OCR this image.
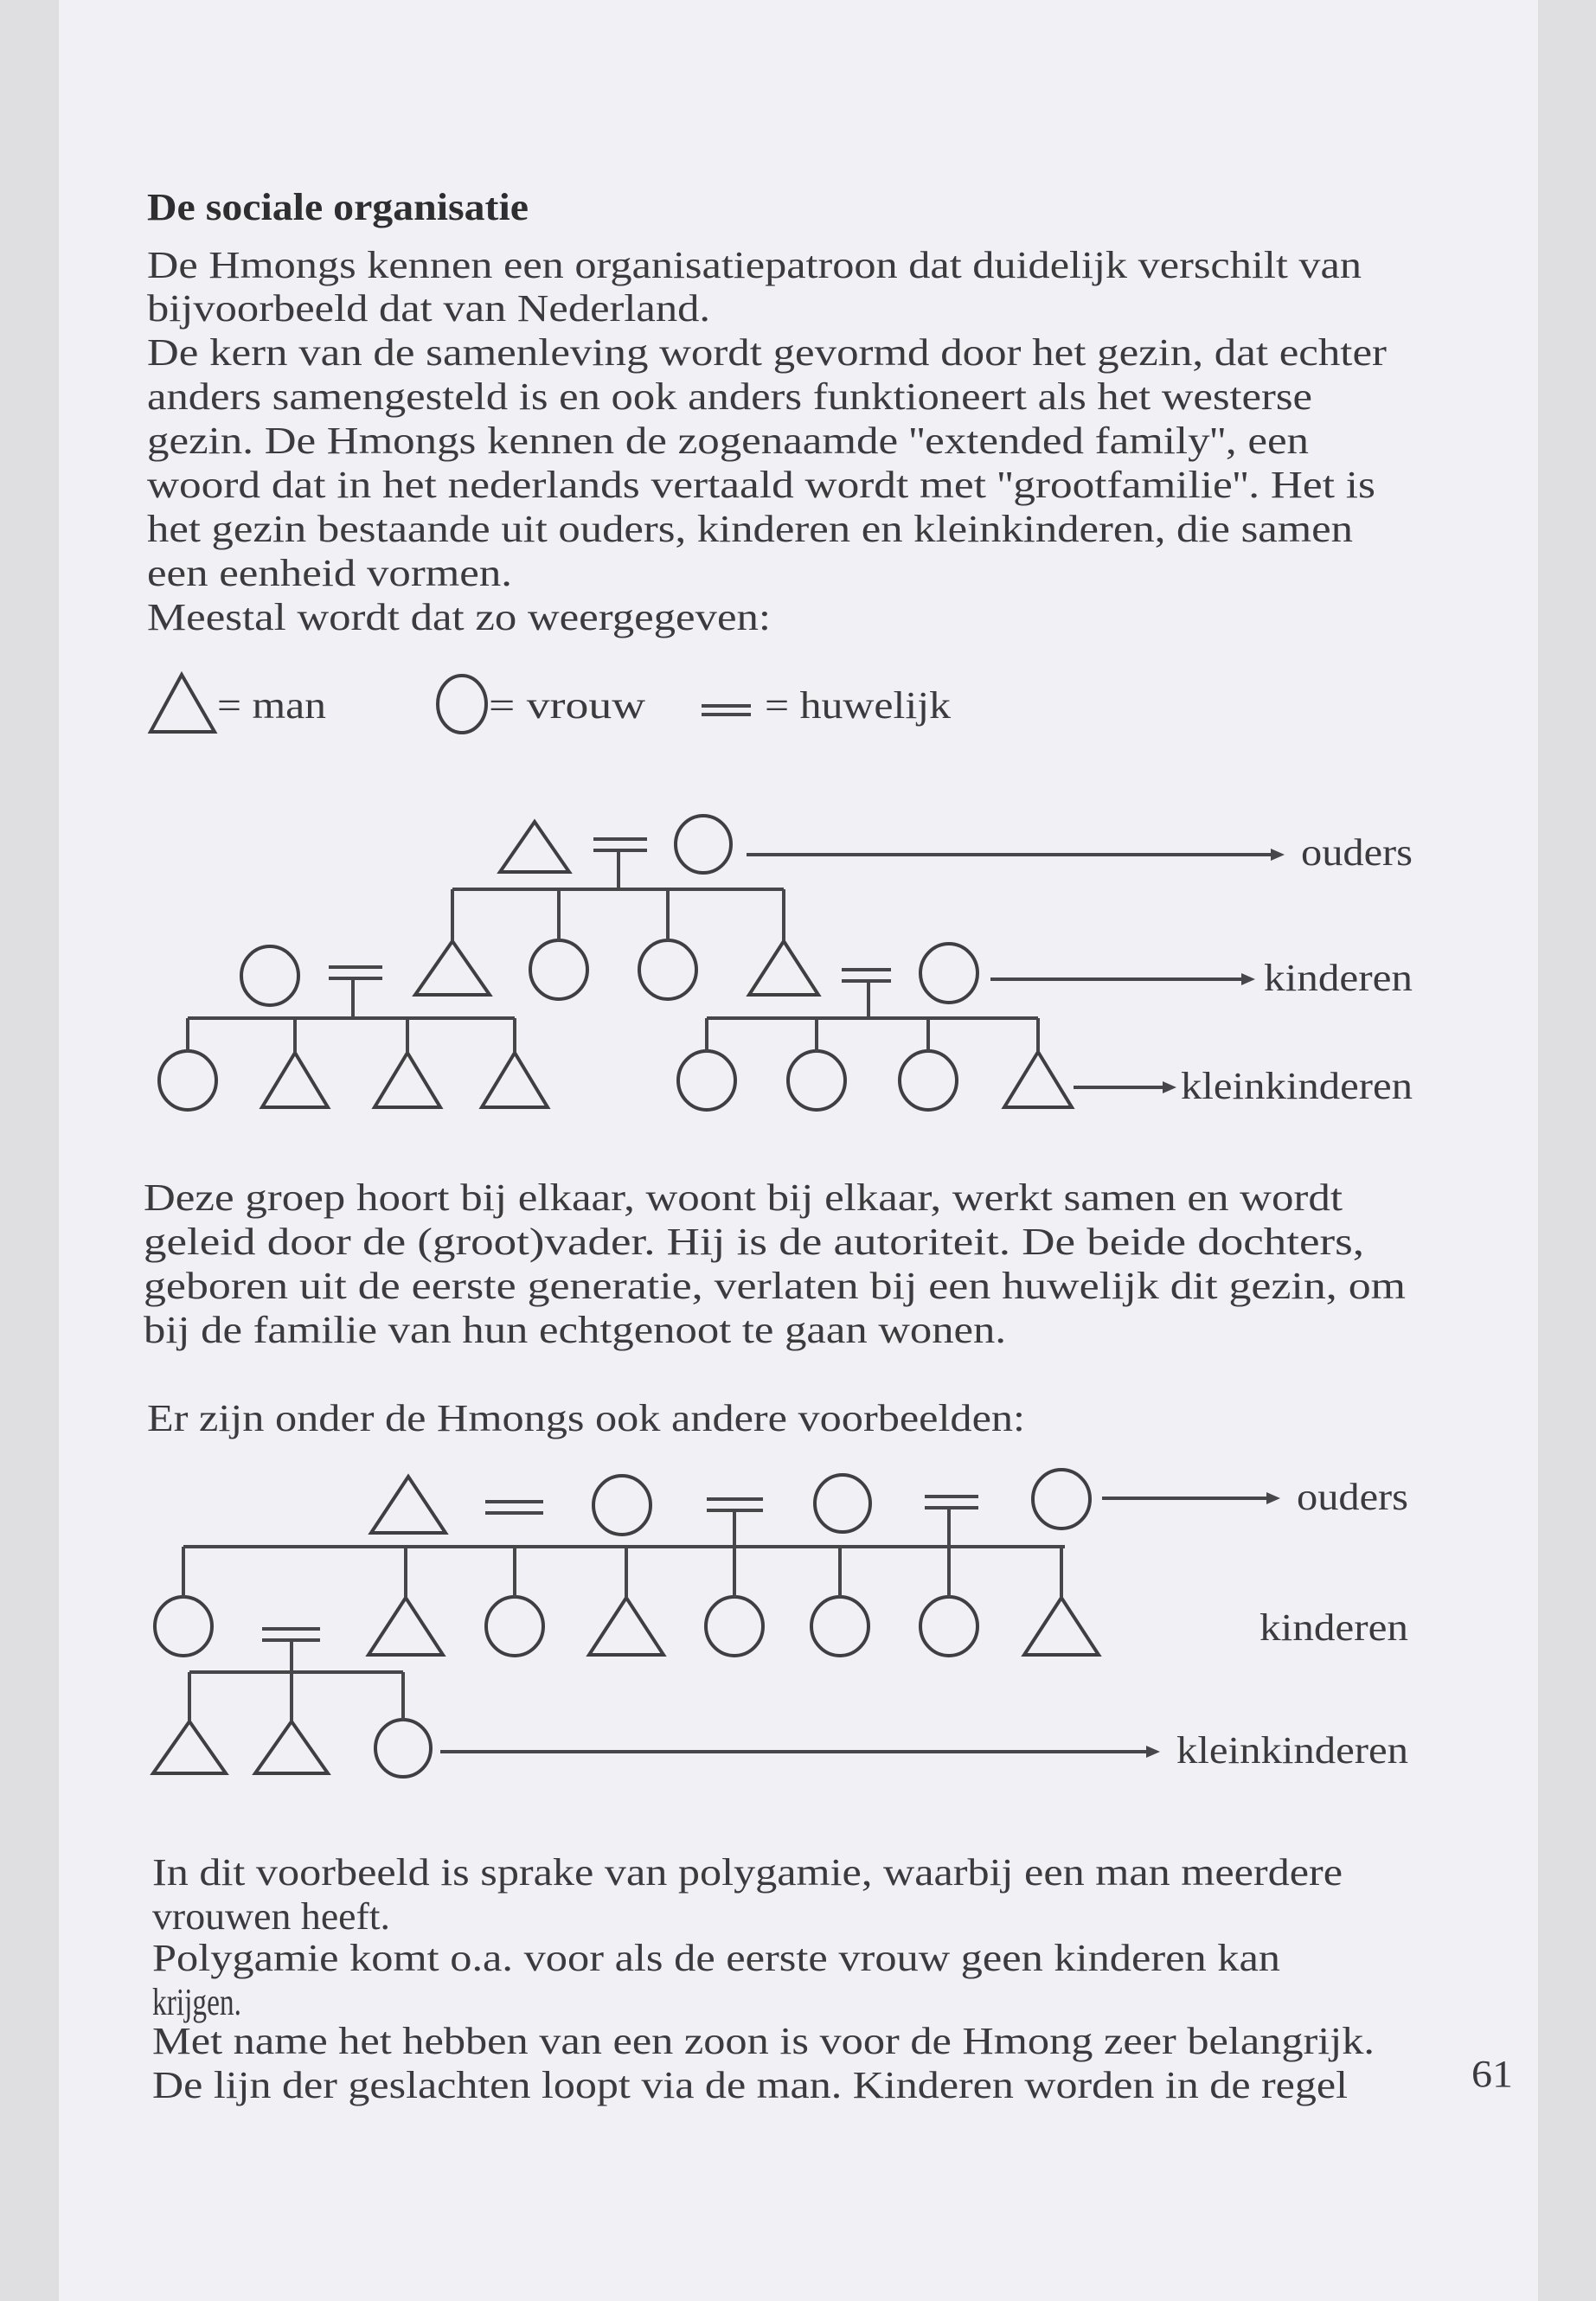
De sociale organisatie
De Hmongs kennen een organisatiepatroon dat duidelijk verschilt van
bijvoorbeeld dat van Nederland.
De kern van de samenleving wordt gevormd door het gezin, dat echter
anders samengesteld is en ook anders funktioneert als het westerse
gezin. De Hmongs kennen de zogenaamde ''extended family'', een
woord dat in het nederlands vertaald wordt met ''grootfamilie''. Het is
het gezin bestaande uit ouders, kinderen en kleinkinderen, die samen
een eenheid vormen.
Meestal wordt dat zo weergegeven:
= man	= vrouw	= huwelijk
ouders
kinderen
kleinkinderen
Deze groep hoort bij elkaar, woont bij elkaar, werkt samen en wordt
geleid door de (groot)vader. Hij is de autoriteit. De beide dochters,
geboren uit de eerste generatie, verlaten bij een huwelijk dit gezin, om
bij de familie van hun echtgenoot te gaan wonen.
Er zijn onder de Hmongs ook andere voorbeelden:
ouders
kinderen
kleinkinderen
In dit voorbeeld is sprake van polygamie, waarbij een man meerdere
vrouwen heeft.
Polygamie komt o.a. voor als de eerste vrouw geen kinderen kan
krijgen.
Met name het hebben van een zoon is voor de Hmong zeer belangrijk.
De lijn der geslachten loopt via de man. Kinderen worden in de regel	61
